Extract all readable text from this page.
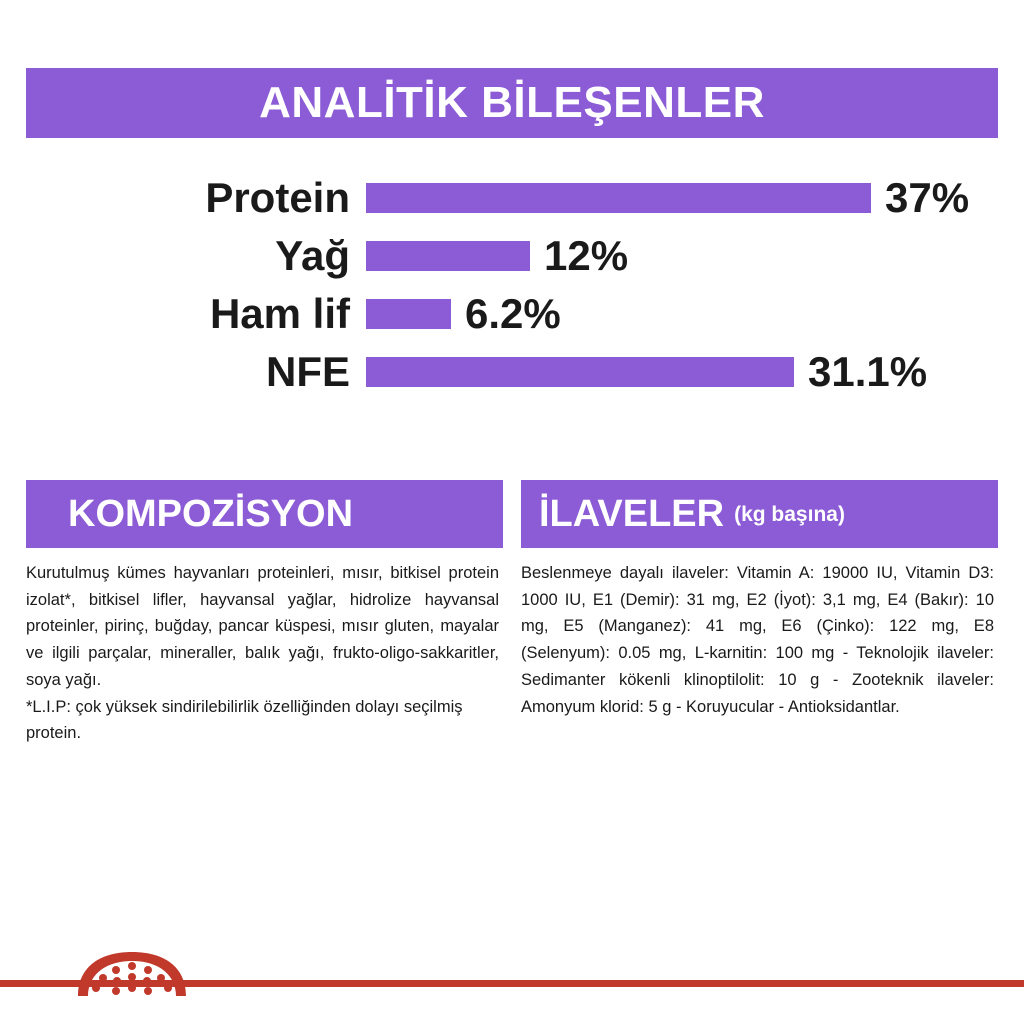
ANALİTİK BİLEŞENLER
Protein	37%
Yağ	12%
Ham lif	6.2%
NFE	31.1%
KOMPOZİSYON
Kurutulmuş kümes hayvanları proteinleri, mısır, bitkisel protein izolat*, bitkisel lifler, hayvansal yağlar, hidrolize hayvansal proteinler, pirinç, buğday, pancar küspesi, mısır gluten, mayalar ve ilgili parçalar, mineraller, balık yağı, frukto-oligo-sakkaritler, soya yağı.
*L.I.P: çok yüksek sindirilebilirlik özelliğinden dolayı seçilmiş protein.
İLAVELER (kg başına)
Beslenmeye dayalı ilaveler: Vitamin A: 19000 IU, Vitamin D3: 1000 IU, E1 (Demir): 31 mg, E2 (İyot): 3,1 mg, E4 (Bakır): 10 mg, E5 (Manganez): 41 mg, E6 (Çinko): 122 mg, E8 (Selenyum): 0.05 mg, L-karnitin: 100 mg - Teknolojik ilaveler: Sedimanter kökenli klinoptilolit: 10 g - Zooteknik ilaveler: Amonyum klorid: 5 g - Koruyucular - Antioksidantlar.
